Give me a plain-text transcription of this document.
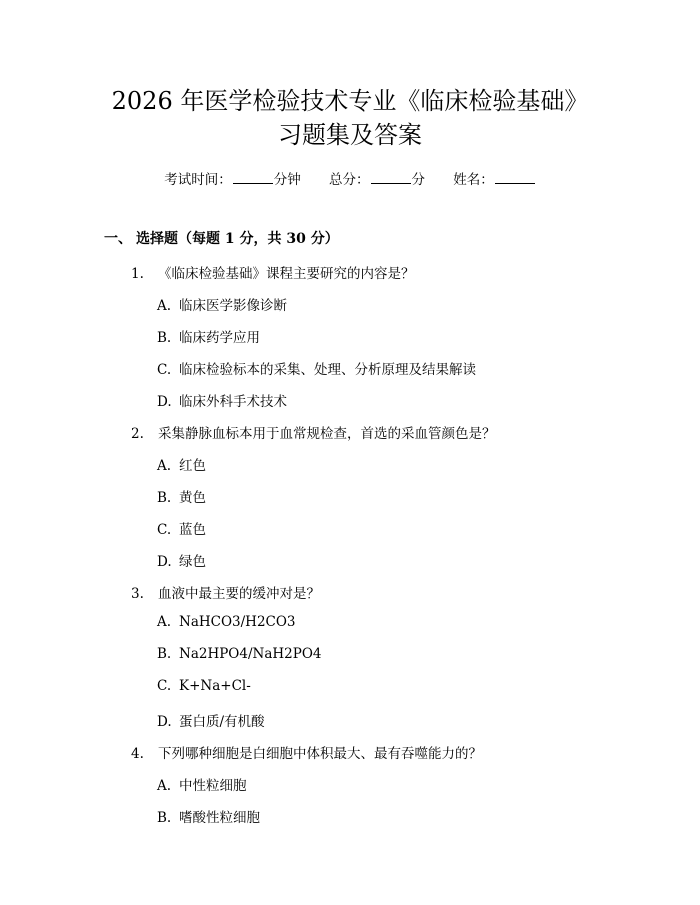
2026 年医学检验技术专业《临床检验基础》
习题集及答案
考试时间：	分钟 总分：	分 姓名：
一、 选择题（每题 1 分，共 30 分）
1. 《临床检验基础》课程主要研究的内容是？
A. 临床医学影像诊断
B. 临床药学应用
C. 临床检验标本的采集、处理、分析原理及结果解读
D. 临床外科手术技术
2. 采集静脉血标本用于血常规检查，首选的采血管颜色是？
A. 红色
B. 黄色
C. 蓝色
D. 绿色
3. 血液中最主要的缓冲对是？
A. NaHCO3/H2CO3
B. Na2HPO4/NaH2PO4
C. K+Na+Cl-
D. 蛋白质/有机酸
4. 下列哪种细胞是白细胞中体积最大、最有吞噬能力的？
A. 中性粒细胞
B. 嗜酸性粒细胞
